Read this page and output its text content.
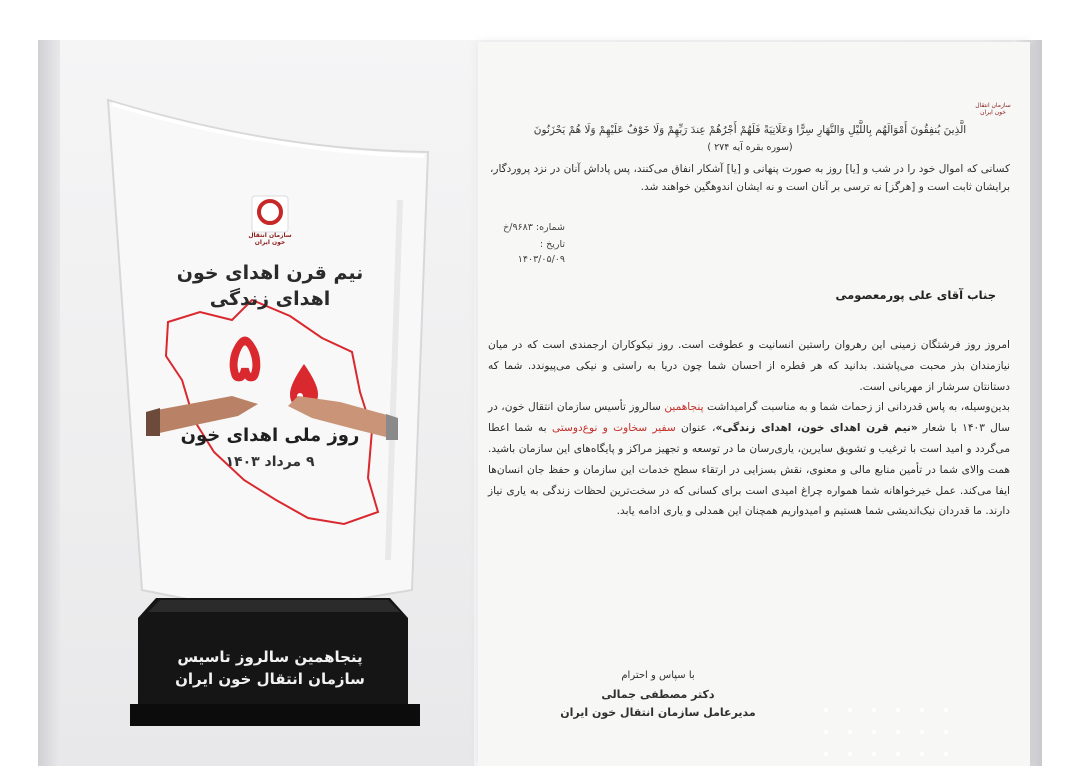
سازمان انتقال خون ایران
نیم قرن اهدای خون
اهدای زندگی
۵
روز ملی اهدای خون
۹ مرداد ۱۴۰۳
پنجاهمین سالروز تاسیس
سازمان انتقال خون ایران
سازمان انتقال خون ایران
الَّذِينَ يُنفِقُونَ أَمْوَالَهُم بِاللَّيْلِ وَالنَّهَارِ سِرًّا وَعَلَانِيَةً فَلَهُمْ أَجْرُهُمْ عِندَ رَبِّهِمْ وَلَا خَوْفٌ عَلَيْهِمْ وَلَا هُمْ يَحْزَنُونَ
(سوره بقره آیه ۲۷۴ )
کسانی که اموال خود را در شب و [یا] روز به صورت پنهانی و [یا] آشکار انفاق می‌کنند، پس پاداش آنان در نزد پروردگار، برایشان ثابت است و [هرگز] نه ترسی بر آنان است و نه ایشان اندوهگین خواهند شد.
شماره: ۹۶۸۳/خ
تاریخ :
۱۴۰۳/۰۵/۰۹
جناب آقای علی پورمعصومی
امروز روز فرشتگان زمینی این رهروان راستین انسانیت و عطوفت است. روز نیکوکاران ارجمندی است که در میان نیازمندان بذر محبت می‌پاشند. بدانید که هر قطره از احسان شما چون دریا به راستی و نیکی می‌پیوندد. شما که دستانتان سرشار از مهربانی است.
بدین‌وسیله، به پاس قدردانی از زحمات شما و به مناسبت گرامیداشت پنجاهمین سالروز تأسیس سازمان انتقال خون، در سال ۱۴۰۳ با شعار «نیم قرن اهدای خون، اهدای زندگی»، عنوان سفیر سخاوت و نوع‌دوستی به شما اعطا می‌گردد و امید است با ترغیب و تشویق سایرین، یاری‌رسان ما در توسعه و تجهیز مراکز و پایگاه‌های این سازمان باشید. همت والای شما در تأمین منابع مالی و معنوی، نقش بسزایی در ارتقاء سطح خدمات این سازمان و حفظ جان انسان‌ها ایفا می‌کند. عمل خیرخواهانه شما همواره چراغ امیدی است برای کسانی که در سخت‌ترین لحظات زندگی به یاری نیاز دارند. ما قدردان نیک‌اندیشی شما هستیم و امیدواریم همچنان این همدلی و یاری ادامه یابد.
با سپاس و احترام
دکتر مصطفی جمالی
مدیرعامل سازمان انتقال خون ایران
